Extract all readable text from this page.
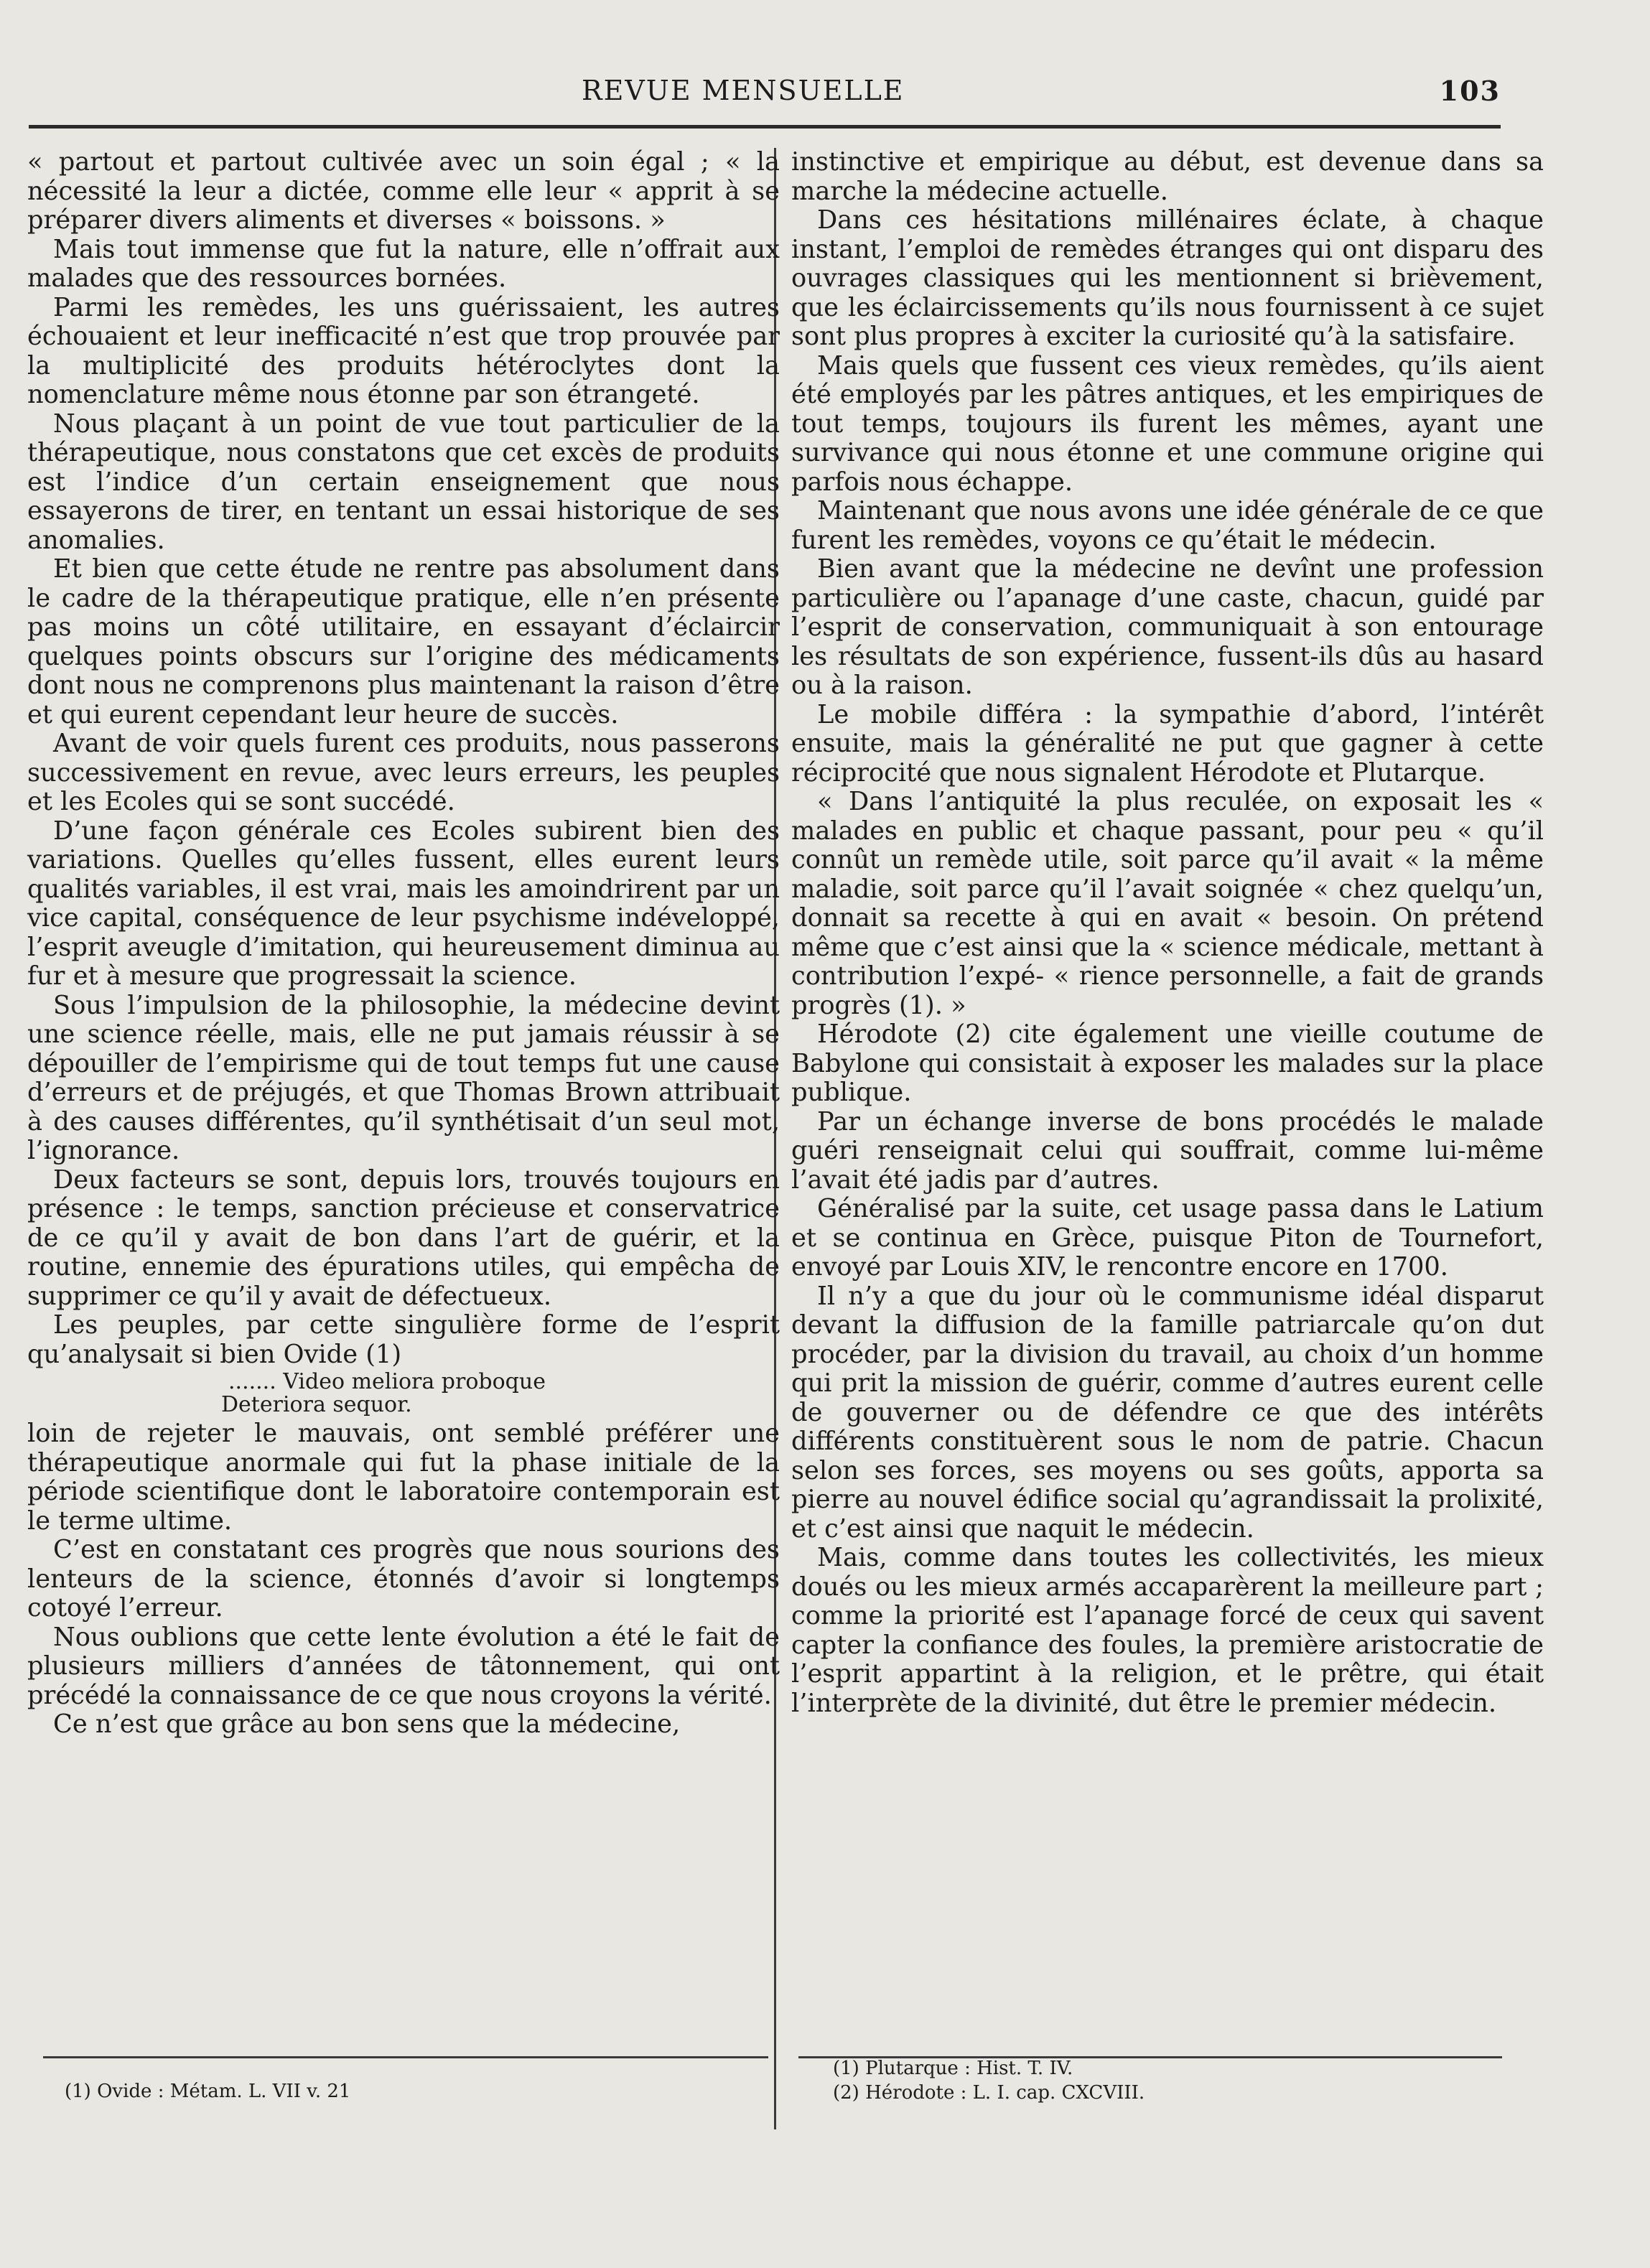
REVUE MENSUELLE	103

« partout et partout cultivée avec un soin égal ; « la nécessité la leur a dictée, comme elle leur « apprit à se préparer divers aliments et diverses « boissons. »

Mais tout immense que fut la nature, elle n’offrait aux malades que des ressources bornées.

Parmi les remèdes, les uns guérissaient, les autres échouaient et leur inefficacité n’est que trop prouvée par la multiplicité des produits hétéroclytes dont la nomenclature même nous étonne par son étrangeté.

Nous plaçant à un point de vue tout particulier de la thérapeutique, nous constatons que cet excès de produits est l’indice d’un certain enseignement que nous essayerons de tirer, en tentant un essai historique de ses anomalies.

Et bien que cette étude ne rentre pas absolument dans le cadre de la thérapeutique pratique, elle n’en présente pas moins un côté utilitaire, en essayant d’éclaircir quelques points obscurs sur l’origine des médicaments dont nous ne comprenons plus maintenant la raison d’être et qui eurent cependant leur heure de succès.

Avant de voir quels furent ces produits, nous passerons successivement en revue, avec leurs erreurs, les peuples et les Ecoles qui se sont succédé.

D’une façon générale ces Ecoles subirent bien des variations. Quelles qu’elles fussent, elles eurent leurs qualités variables, il est vrai, mais les amoindrirent par un vice capital, conséquence de leur psychisme indéveloppé, l’esprit aveugle d’imitation, qui heureusement diminua au fur et à mesure que progressait la science.

Sous l’impulsion de la philosophie, la médecine devint une science réelle, mais, elle ne put jamais réussir à se dépouiller de l’empirisme qui de tout temps fut une cause d’erreurs et de préjugés, et que Thomas Brown attribuait à des causes différentes, qu’il synthétisait d’un seul mot, l’ignorance.

Deux facteurs se sont, depuis lors, trouvés toujours en présence : le temps, sanction précieuse et conservatrice de ce qu’il y avait de bon dans l’art de guérir, et la routine, ennemie des épurations utiles, qui empêcha de supprimer ce qu’il y avait de défectueux.

Les peuples, par cette singulière forme de l’esprit qu’analysait si bien Ovide (1)

....... Video meliora proboque
Deteriora sequor.

loin de rejeter le mauvais, ont semblé préférer une thérapeutique anormale qui fut la phase initiale de la période scientifique dont le laboratoire contemporain est le terme ultime.

C’est en constatant ces progrès que nous sourions des lenteurs de la science, étonnés d’avoir si longtemps cotoyé l’erreur.

Nous oublions que cette lente évolution a été le fait de plusieurs milliers d’années de tâtonnement, qui ont précédé la connaissance de ce que nous croyons la vérité.

Ce n’est que grâce au bon sens que la médecine,

instinctive et empirique au début, est devenue dans sa marche la médecine actuelle.

Dans ces hésitations millénaires éclate, à chaque instant, l’emploi de remèdes étranges qui ont disparu des ouvrages classiques qui les mentionnent si brièvement, que les éclaircissements qu’ils nous fournissent à ce sujet sont plus propres à exciter la curiosité qu’à la satisfaire.

Mais quels que fussent ces vieux remèdes, qu’ils aient été employés par les pâtres antiques, et les empiriques de tout temps, toujours ils furent les mêmes, ayant une survivance qui nous étonne et une commune origine qui parfois nous échappe.

Maintenant que nous avons une idée générale de ce que furent les remèdes, voyons ce qu’était le médecin.

Bien avant que la médecine ne devînt une profession particulière ou l’apanage d’une caste, chacun, guidé par l’esprit de conservation, communiquait à son entourage les résultats de son expérience, fussent-ils dûs au hasard ou à la raison.

Le mobile différa : la sympathie d’abord, l’intérêt ensuite, mais la généralité ne put que gagner à cette réciprocité que nous signalent Hérodote et Plutarque.

« Dans l’antiquité la plus reculée, on exposait les « malades en public et chaque passant, pour peu « qu’il connût un remède utile, soit parce qu’il avait « la même maladie, soit parce qu’il l’avait soignée « chez quelqu’un, donnait sa recette à qui en avait « besoin. On prétend même que c’est ainsi que la « science médicale, mettant à contribution l’expé- « rience personnelle, a fait de grands progrès (1). »

Hérodote (2) cite également une vieille coutume de Babylone qui consistait à exposer les malades sur la place publique.

Par un échange inverse de bons procédés le malade guéri renseignait celui qui souffrait, comme lui-même l’avait été jadis par d’autres.

Généralisé par la suite, cet usage passa dans le Latium et se continua en Grèce, puisque Piton de Tournefort, envoyé par Louis XIV, le rencontre encore en 1700.

Il n’y a que du jour où le communisme idéal disparut devant la diffusion de la famille patriarcale qu’on dut procéder, par la division du travail, au choix d’un homme qui prit la mission de guérir, comme d’autres eurent celle de gouverner ou de défendre ce que des intérêts différents constituèrent sous le nom de patrie. Chacun selon ses forces, ses moyens ou ses goûts, apporta sa pierre au nouvel édifice social qu’agrandissait la prolixité, et c’est ainsi que naquit le médecin.

Mais, comme dans toutes les collectivités, les mieux doués ou les mieux armés accaparèrent la meilleure part ; comme la priorité est l’apanage forcé de ceux qui savent capter la confiance des foules, la première aristocratie de l’esprit appartint à la religion, et le prêtre, qui était l’interprète de la divinité, dut être le premier médecin.

(1) Ovide : Métam. L. VII v. 21
(1) Plutarque : Hist. T. IV.
(2) Hérodote : L. I. cap. CXCVIII.
